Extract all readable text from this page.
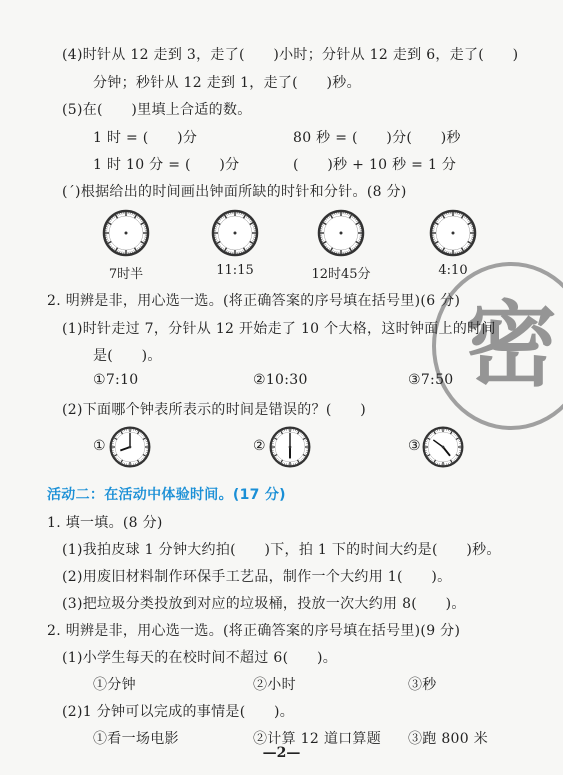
(4)时针从 12 走到 3，走了(　　)小时；分针从 12 走到 6，走了(　　)
分钟；秒针从 12 走到 1，走了(　　)秒。
(5)在(　　)里填上合适的数。
1 时 = (　　)分	80 秒 = (　　)分(　　)秒
1 时 10 分 = (　　)分	(　　)秒 + 10 秒 = 1 分
(ˊ)根据给出的时间画出钟面所缺的时针和分针。(8 分)
7时半	11:15	12时45分	4:10
密
2. 明辨是非，用心选一选。(将正确答案的序号填在括号里)(6 分)
(1)时针走过 7，分针从 12 开始走了 10 个大格，这时钟面上的时间
是(　　)。
①7:10	②10:30	③7:50
(2)下面哪个钟表所表示的时间是错误的？(　　)
①	②	③
活动二：在活动中体验时间。(17 分)
1. 填一填。(8 分)
(1)我拍皮球 1 分钟大约拍(　　)下，拍 1 下的时间大约是(　　)秒。
(2)用废旧材料制作环保手工艺品，制作一个大约用 1(　　)。
(3)把垃圾分类投放到对应的垃圾桶，投放一次大约用 8(　　)。
2. 明辨是非，用心选一选。(将正确答案的序号填在括号里)(9 分)
(1)小学生每天的在校时间不超过 6(　　)。
①分钟	②小时	③秒
(2)1 分钟可以完成的事情是(　　)。
①看一场电影	②计算 12 道口算题 ③跑 800 米
—2—
